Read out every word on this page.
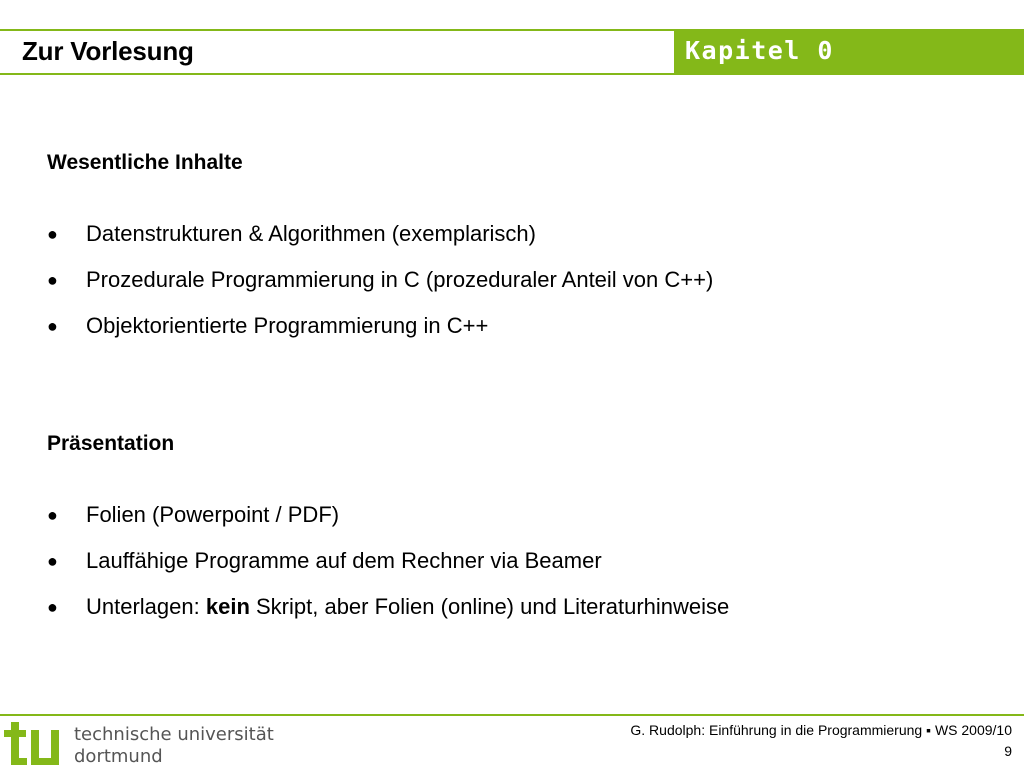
Zur Vorlesung	Kapitel 0
Wesentliche Inhalte
● Datenstrukturen & Algorithmen (exemplarisch)
● Prozedurale Programmierung in C (prozeduraler Anteil von C++)
● Objektorientierte Programmierung in C++
Präsentation
● Folien (Powerpoint / PDF)
● Lauffähige Programme auf dem Rechner via Beamer
● Unterlagen: kein Skript, aber Folien (online) und Literaturhinweise
technische universität
dortmund
G. Rudolph: Einführung in die Programmierung ▪ WS 2009/10
9
